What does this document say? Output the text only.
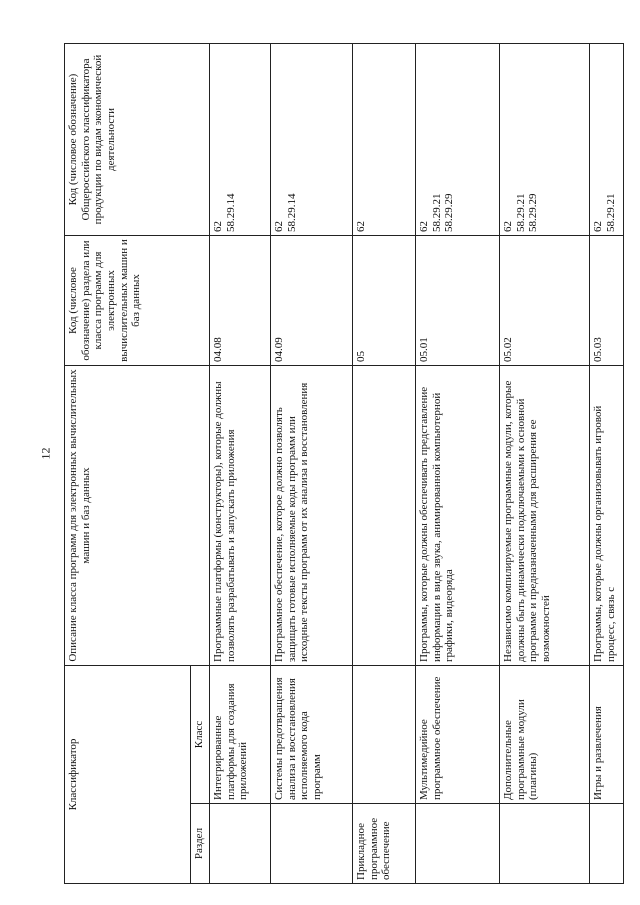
12
Классификатор		Описание класса программ для электронных вычислительных машин и баз данных	Код (числовое обозначение) раздела или класса программ для электронных вычислительных машин и баз данных	Код (числовое обозначение) Общероссийского классификатора продукции по видам экономической деятельности
Раздел	Класс			
	Интегрированные платформы для создания приложений	Программные платформы (конструкторы), которые должны позволять разрабатывать и запускать приложения	04.08	62 58.29.14

	Системы предотвращения анализа и восстановления исполняемого кода программ	Программное обеспечение, которое должно позволять защищать готовые исполняемые коды программ или исходные тексты программ от их анализа и восстановления	04.09	62 58.29.14

Прикладное программное обеспечение			05	62

	Мультимедийное программное обеспечение	Программы, которые должны обеспечивать представление информации в виде звука, анимированной компьютерной графики, видеоряда	05.01	62 58.29.21 58.29.29

	Дополнительные программные модули (плагины)	Независимо компилируемые программные модули, которые должны быть динамически подключаемыми к основной программе и предназначенными для расширения ее возможностей	05.02	62 58.29.21 58.29.29

	Игры и развлечения	Программы, которые должны организовывать игровой процесс, связь с	05.03	62 58.29.21
